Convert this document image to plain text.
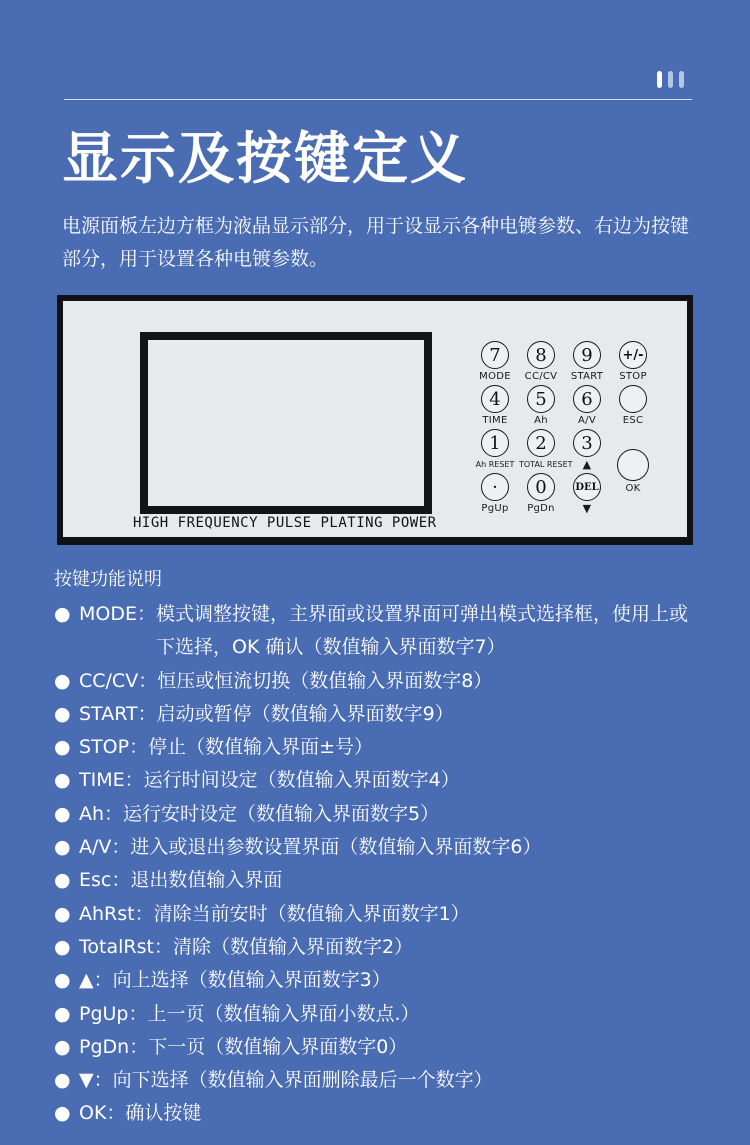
显示及按键定义
电源面板左边方框为液晶显示部分，用于设显示各种电镀参数、右边为按键部分，用于设置各种电镀参数。
HIGH FREQUENCY PULSE PLATING POWER
7
MODE
8
CC/CV
9
START
+/-
STOP
4
TIME
5
Ah
6
A/V	ESC
1
Ah RESET
2
TOTAL RESET
3
▲
OK
·
PgUp
0
PgDn
DEL
▼
按键功能说明
● MODE： 模式调整按键，主界面或设置界面可弹出模式选择框，使用上或下选择，OK 确认（数值输入界面数字7）
● CC/CV： 恒压或恒流切换（数值输入界面数字8）
● START： 启动或暂停（数值输入界面数字9）
● STOP： 停止（数值输入界面±号）
● TIME： 运行时间设定（数值输入界面数字4）
● Ah： 运行安时设定（数值输入界面数字5）
● A/V： 进入或退出参数设置界面（数值输入界面数字6）
● Esc： 退出数值输入界面
● AhRst： 清除当前安时（数值输入界面数字1）
● TotalRst： 清除（数值输入界面数字2）
● ▲： 向上选择（数值输入界面数字3）
● PgUp： 上一页（数值输入界面小数点.）
● PgDn： 下一页（数值输入界面数字0）
● ▼： 向下选择（数值输入界面删除最后一个数字）
● OK： 确认按键
